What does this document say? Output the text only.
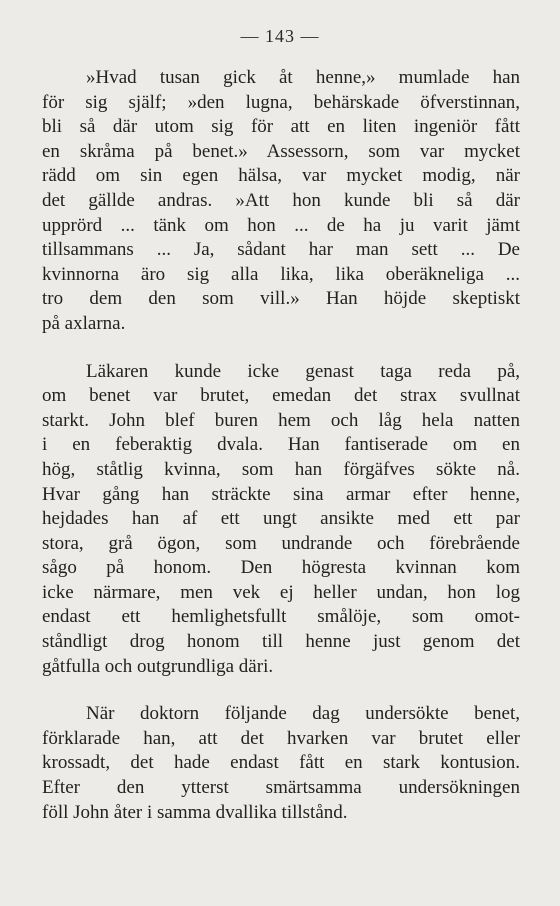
— 143 —
»Hvad tusan gick åt henne,» mumlade han
för sig själf; »den lugna, behärskade öfverstinnan,
bli så där utom sig för att en liten ingeniör fått
en skråma på benet.» Assessorn, som var mycket
rädd om sin egen hälsa, var mycket modig, när
det gällde andras. »Att hon kunde bli så där
upprörd ... tänk om hon ... de ha ju varit jämt
tillsammans ... Ja, sådant har man sett ... De
kvinnorna äro sig alla lika, lika oberäkneliga ...
tro dem den som vill.» Han höjde skeptiskt
på axlarna.
Läkaren kunde icke genast taga reda på,
om benet var brutet, emedan det strax svullnat
starkt. John blef buren hem och låg hela natten
i en feberaktig dvala. Han fantiserade om en
hög, ståtlig kvinna, som han förgäfves sökte nå.
Hvar gång han sträckte sina armar efter henne,
hejdades han af ett ungt ansikte med ett par
stora, grå ögon, som undrande och förebrående
sågo på honom. Den högresta kvinnan kom
icke närmare, men vek ej heller undan, hon log
endast ett hemlighetsfullt smålöje, som omot-
ståndligt drog honom till henne just genom det
gåtfulla och outgrundliga däri.
När doktorn följande dag undersökte benet,
förklarade han, att det hvarken var brutet eller
krossadt, det hade endast fått en stark kontusion.
Efter den ytterst smärtsamma undersökningen
föll John åter i samma dvallika tillstånd.
